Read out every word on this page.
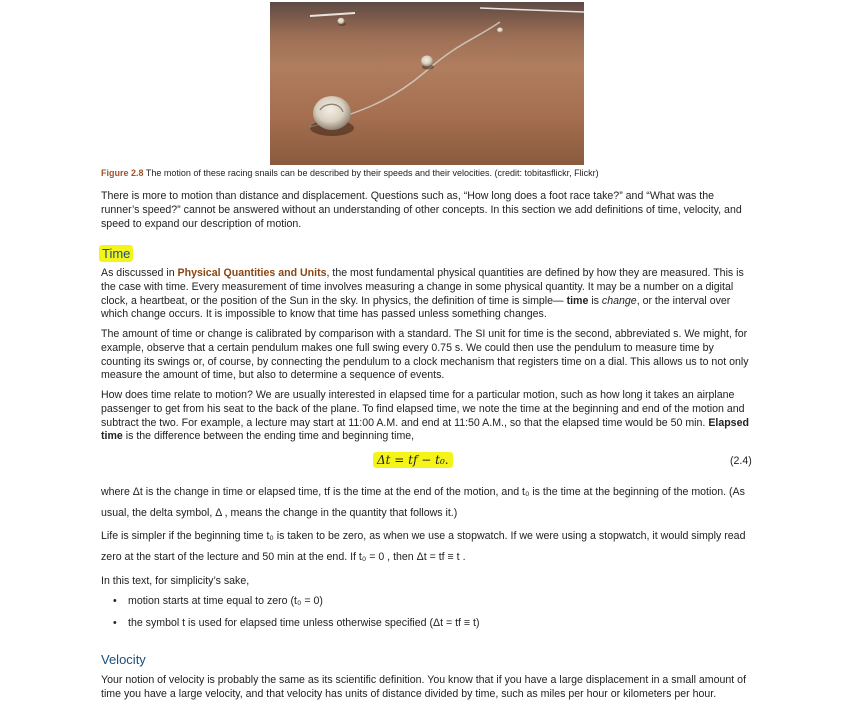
Figure 2.8 The motion of these racing snails can be described by their speeds and their velocities. (credit: tobitasflickr, Flickr)
There is more to motion than distance and displacement. Questions such as, “How long does a foot race take?” and “What was the runner’s speed?” cannot be answered without an understanding of other concepts. In this section we add definitions of time, velocity, and speed to expand our description of motion.
Time
As discussed in Physical Quantities and Units, the most fundamental physical quantities are defined by how they are measured. This is the case with time. Every measurement of time involves measuring a change in some physical quantity. It may be a number on a digital clock, a heartbeat, or the position of the Sun in the sky. In physics, the definition of time is simple— time is change, or the interval over which change occurs. It is impossible to know that time has passed unless something changes.
The amount of time or change is calibrated by comparison with a standard. The SI unit for time is the second, abbreviated s. We might, for example, observe that a certain pendulum makes one full swing every 0.75 s. We could then use the pendulum to measure time by counting its swings or, of course, by connecting the pendulum to a clock mechanism that registers time on a dial. This allows us to not only measure the amount of time, but also to determine a sequence of events.
How does time relate to motion? We are usually interested in elapsed time for a particular motion, such as how long it takes an airplane passenger to get from his seat to the back of the plane. To find elapsed time, we note the time at the beginning and end of the motion and subtract the two. For example, a lecture may start at 11:00 A.M. and end at 11:50 A.M., so that the elapsed time would be 50 min. Elapsed time is the difference between the ending time and beginning time,
Δt = tf − t₀.	(2.4)
where Δt is the change in time or elapsed time, tf is the time at the end of the motion, and t₀ is the time at the beginning of the motion. (As usual, the delta symbol, Δ , means the change in the quantity that follows it.)
Life is simpler if the beginning time t₀ is taken to be zero, as when we use a stopwatch. If we were using a stopwatch, it would simply read zero at the start of the lecture and 50 min at the end. If t₀ = 0 , then Δt = tf ≡ t .
In this text, for simplicity’s sake,
• motion starts at time equal to zero (t₀ = 0)
• the symbol t is used for elapsed time unless otherwise specified (Δt = tf ≡ t)
Velocity
Your notion of velocity is probably the same as its scientific definition. You know that if you have a large displacement in a small amount of time you have a large velocity, and that velocity has units of distance divided by time, such as miles per hour or kilometers per hour.
